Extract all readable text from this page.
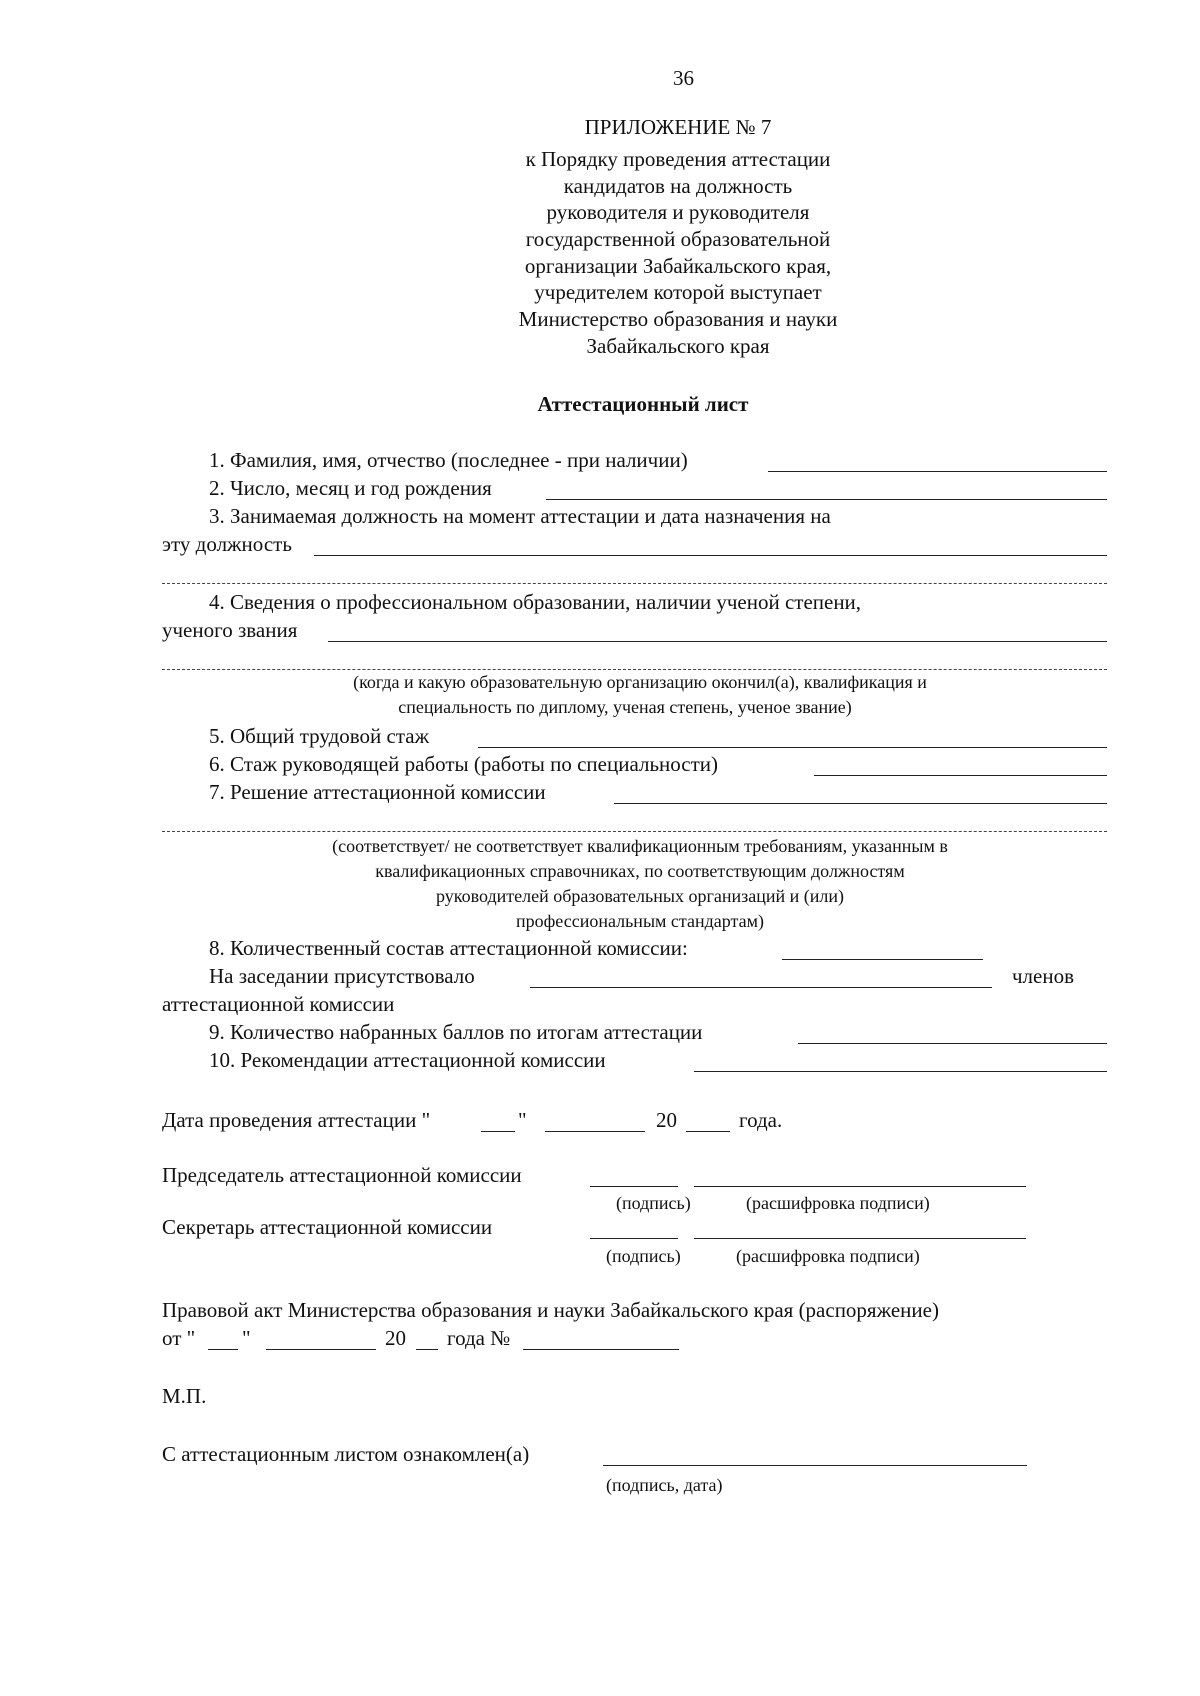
36
ПРИЛОЖЕНИЕ № 7
к Порядку проведения аттестации
кандидатов на должность
руководителя и руководителя
государственной образовательной
организации Забайкальского края,
учредителем которой выступает
Министерство образования и науки
Забайкальского края
Аттестационный лист
1. Фамилия, имя, отчество (последнее - при наличии)
2. Число, месяц и год рождения
3. Занимаемая должность на момент аттестации и дата назначения на
эту должность
4. Сведения о профессиональном образовании, наличии ученой степени,
ученого звания
(когда и какую образовательную организацию окончил(а), квалификация и
специальность по диплому, ученая степень, ученое звание)
5. Общий трудовой стаж
6. Стаж руководящей работы (работы по специальности)
7. Решение аттестационной комиссии
(соответствует/ не соответствует квалификационным требованиям, указанным в
квалификационных справочниках, по соответствующим должностям
руководителей образовательных организаций и (или)
профессиональным стандартам)
8. Количественный состав аттестационной комиссии:
На заседании присутствовало	членов
аттестационной комиссии
9. Количество набранных баллов по итогам аттестации
10. Рекомендации аттестационной комиссии
Дата проведения аттестации "	"	20	года.
Председатель аттестационной комиссии
(подпись)	(расшифровка подписи)
Секретарь аттестационной комиссии
(подпись)	(расшифровка подписи)
Правовой акт Министерства образования и науки Забайкальского края (распоряжение)
от " "	20 года №
М.П.
С аттестационным листом ознакомлен(а)
(подпись, дата)
